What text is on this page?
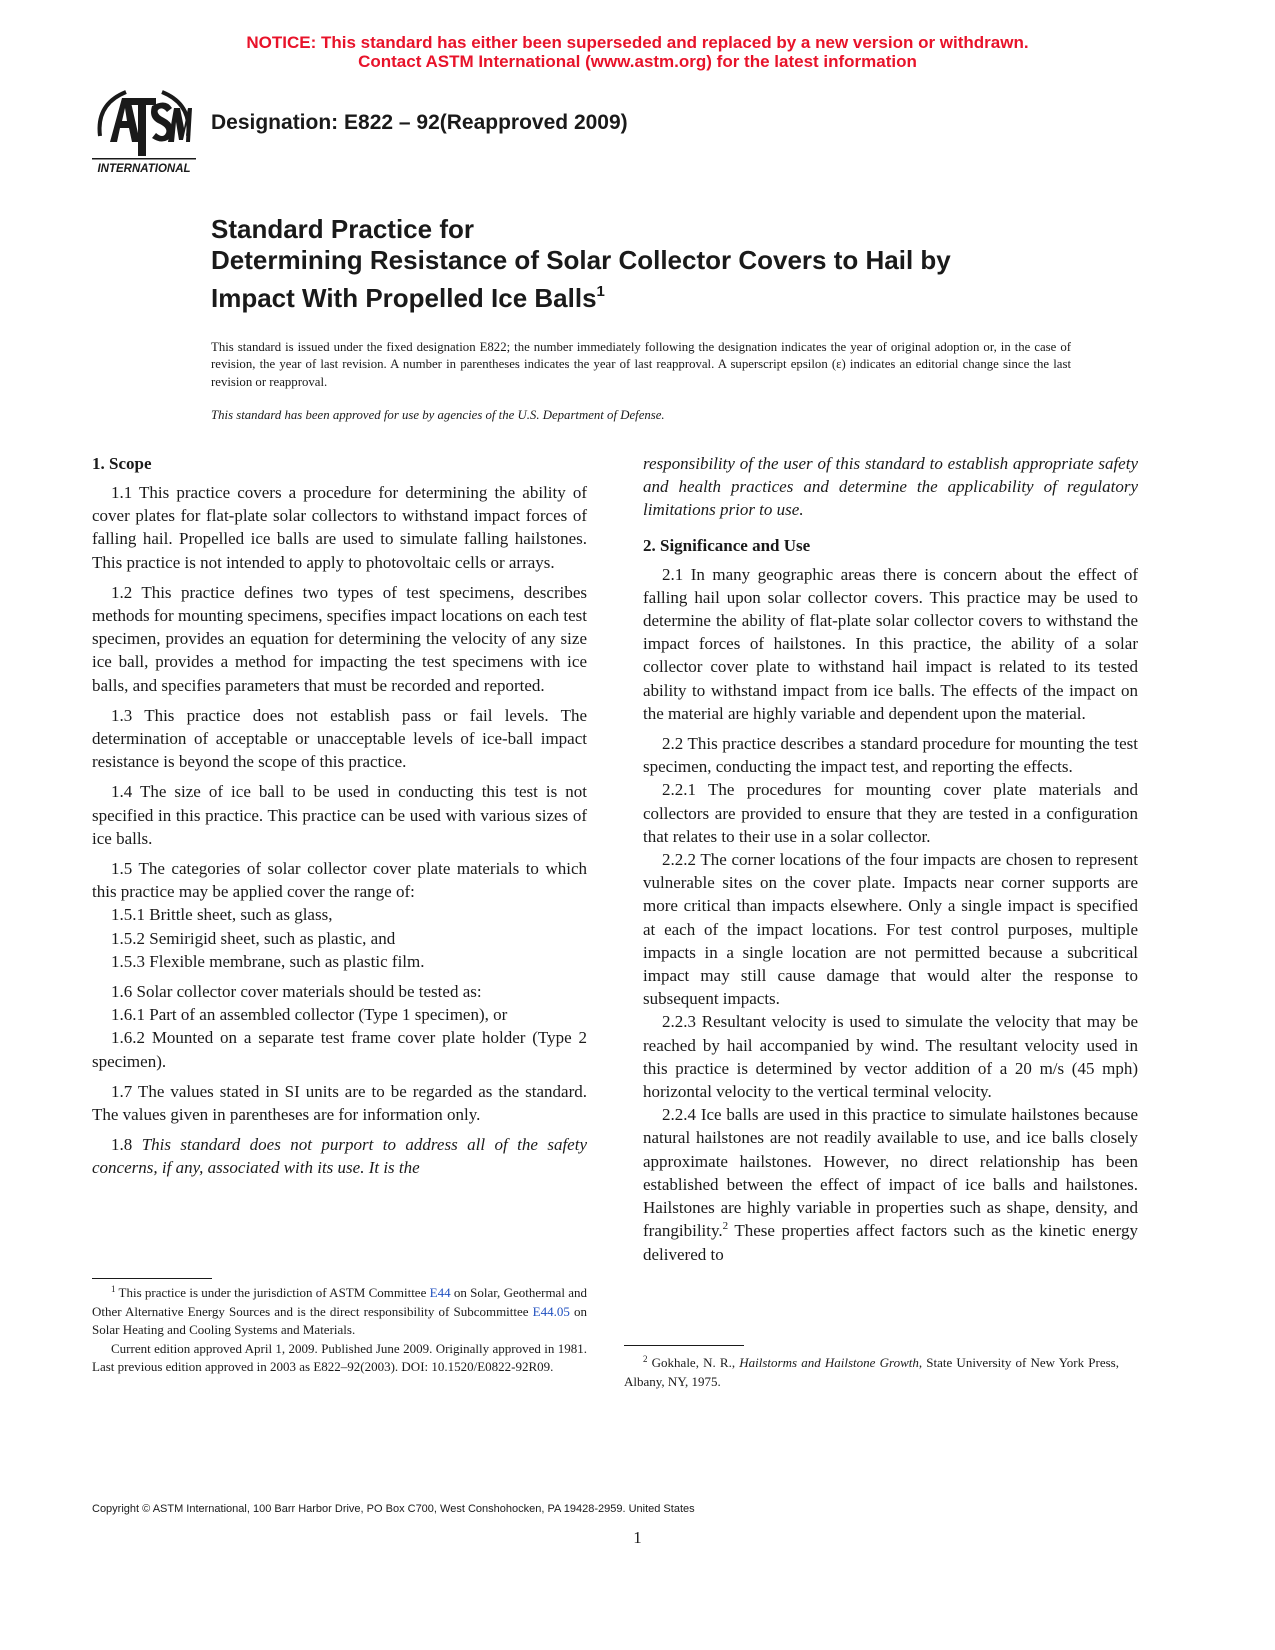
NOTICE: This standard has either been superseded and replaced by a new version or withdrawn.
Contact ASTM International (www.astm.org) for the latest information
INTERNATIONAL
Designation: E822 – 92(Reapproved 2009)
Standard Practice for
Determining Resistance of Solar Collector Covers to Hail by
Impact With Propelled Ice Balls$^1$
This standard is issued under the fixed designation E822; the number immediately following the designation indicates the year of original adoption or, in the case of revision, the year of last revision. A number in parentheses indicates the year of last reapproval. A superscript epsilon (ε) indicates an editorial change since the last revision or reapproval.
This standard has been approved for use by agencies of the U.S. Department of Defense.
1. Scope

1.1 This practice covers a procedure for determining the ability of cover plates for flat-plate solar collectors to withstand impact forces of falling hail. Propelled ice balls are used to simulate falling hailstones. This practice is not intended to apply to photovoltaic cells or arrays.

1.2 This practice defines two types of test specimens, describes methods for mounting specimens, specifies impact locations on each test specimen, provides an equation for determining the velocity of any size ice ball, provides a method for impacting the test specimens with ice balls, and specifies parameters that must be recorded and reported.

1.3 This practice does not establish pass or fail levels. The determination of acceptable or unacceptable levels of ice-ball impact resistance is beyond the scope of this practice.

1.4 The size of ice ball to be used in conducting this test is not specified in this practice. This practice can be used with various sizes of ice balls.

1.5 The categories of solar collector cover plate materials to which this practice may be applied cover the range of:

1.5.1 Brittle sheet, such as glass,

1.5.2 Semirigid sheet, such as plastic, and

1.5.3 Flexible membrane, such as plastic film.

1.6 Solar collector cover materials should be tested as:

1.6.1 Part of an assembled collector (Type 1 specimen), or

1.6.2 Mounted on a separate test frame cover plate holder (Type 2 specimen).

1.7 The values stated in SI units are to be regarded as the standard. The values given in parentheses are for information only.

1.8 This standard does not purport to address all of the safety concerns, if any, associated with its use. It is the

responsibility of the user of this standard to establish appropriate safety and health practices and determine the applicability of regulatory limitations prior to use.

2. Significance and Use

2.1 In many geographic areas there is concern about the effect of falling hail upon solar collector covers. This practice may be used to determine the ability of flat-plate solar collector covers to withstand the impact forces of hailstones. In this practice, the ability of a solar collector cover plate to withstand hail impact is related to its tested ability to withstand impact from ice balls. The effects of the impact on the material are highly variable and dependent upon the material.

2.2 This practice describes a standard procedure for mounting the test specimen, conducting the impact test, and reporting the effects.

2.2.1 The procedures for mounting cover plate materials and collectors are provided to ensure that they are tested in a configuration that relates to their use in a solar collector.

2.2.2 The corner locations of the four impacts are chosen to represent vulnerable sites on the cover plate. Impacts near corner supports are more critical than impacts elsewhere. Only a single impact is specified at each of the impact locations. For test control purposes, multiple impacts in a single location are not permitted because a subcritical impact may still cause damage that would alter the response to subsequent impacts.

2.2.3 Resultant velocity is used to simulate the velocity that may be reached by hail accompanied by wind. The resultant velocity used in this practice is determined by vector addition of a 20 m/s (45 mph) horizontal velocity to the vertical terminal velocity.

2.2.4 Ice balls are used in this practice to simulate hailstones because natural hailstones are not readily available to use, and ice balls closely approximate hailstones. However, no direct relationship has been established between the effect of impact of ice balls and hailstones. Hailstones are highly variable in properties such as shape, density, and frangibility.$^2$ These properties affect factors such as the kinetic energy delivered to

$^1$ This practice is under the jurisdiction of ASTM Committee E44 on Solar, Geothermal and Other Alternative Energy Sources and is the direct responsibility of Subcommittee E44.05 on Solar Heating and Cooling Systems and Materials.

Current edition approved April 1, 2009. Published June 2009. Originally approved in 1981. Last previous edition approved in 2003 as E822–92(2003). DOI: 10.1520/E0822-92R09.	$^2$ Gokhale, N. R., Hailstorms and Hailstone Growth, State University of New York Press, Albany, NY, 1975.

Copyright © ASTM International, 100 Barr Harbor Drive, PO Box C700, West Conshohocken, PA 19428-2959. United States
1
